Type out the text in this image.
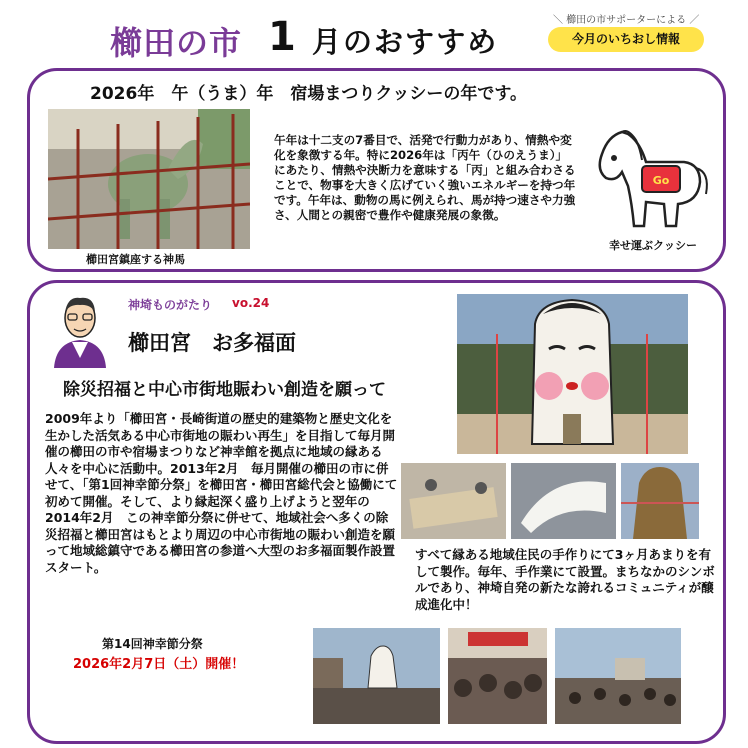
櫛田の市 1 月のおすすめ
＼ 櫛田の市サポーターによる ／
今月のいちおし情報
2026年　午（うま）年　宿場まつりクッシーの年です。
櫛田宮鎮座する神馬
午年は十二支の7番目で、活発で行動力があり、情熱や変化を象徴する年。特に2026年は「丙午（ひのえうま）」にあたり、情熱や決断力を意味する「丙」と組み合わさることで、物事を大きく広げていく強いエネルギーを持つ年です。午年は、動物の馬に例えられ、馬が持つ速さや力強さ、人間との親密で豊作や健康発展の象徴。
Go
幸せ運ぶクッシー
神埼ものがたり vo.24
櫛田宮　お多福面
除災招福と中心市街地賑わい創造を願って
2009年より「櫛田宮・長崎街道の歴史的建築物と歴史文化を生かした活気ある中心市街地の賑わい再生」を目指して毎月開催の櫛田の市や宿場まつりなど神幸館を拠点に地域の縁ある人々を中心に活動中。2013年2月　毎月開催の櫛田の市に併せて、「第1回神幸節分祭」を櫛田宮・櫛田宮総代会と協働にて初めて開催。そして、より縁起深く盛り上げようと翌年の2014年2月　この神幸節分祭に併せて、地域社会へ多くの除災招福と櫛田宮はもとより周辺の中心市街地の賑わい創造を願って地域総鎮守である櫛田宮の参道へ大型のお多福面製作設置スタート。
すべて縁ある地域住民の手作りにて3ヶ月あまりを有して製作。毎年、手作業にて設置。まちなかのシンボルであり、神埼自発の新たな誇れるコミュニティが醸成進化中！
第14回神幸節分祭
2026年2月7日（土）開催！
